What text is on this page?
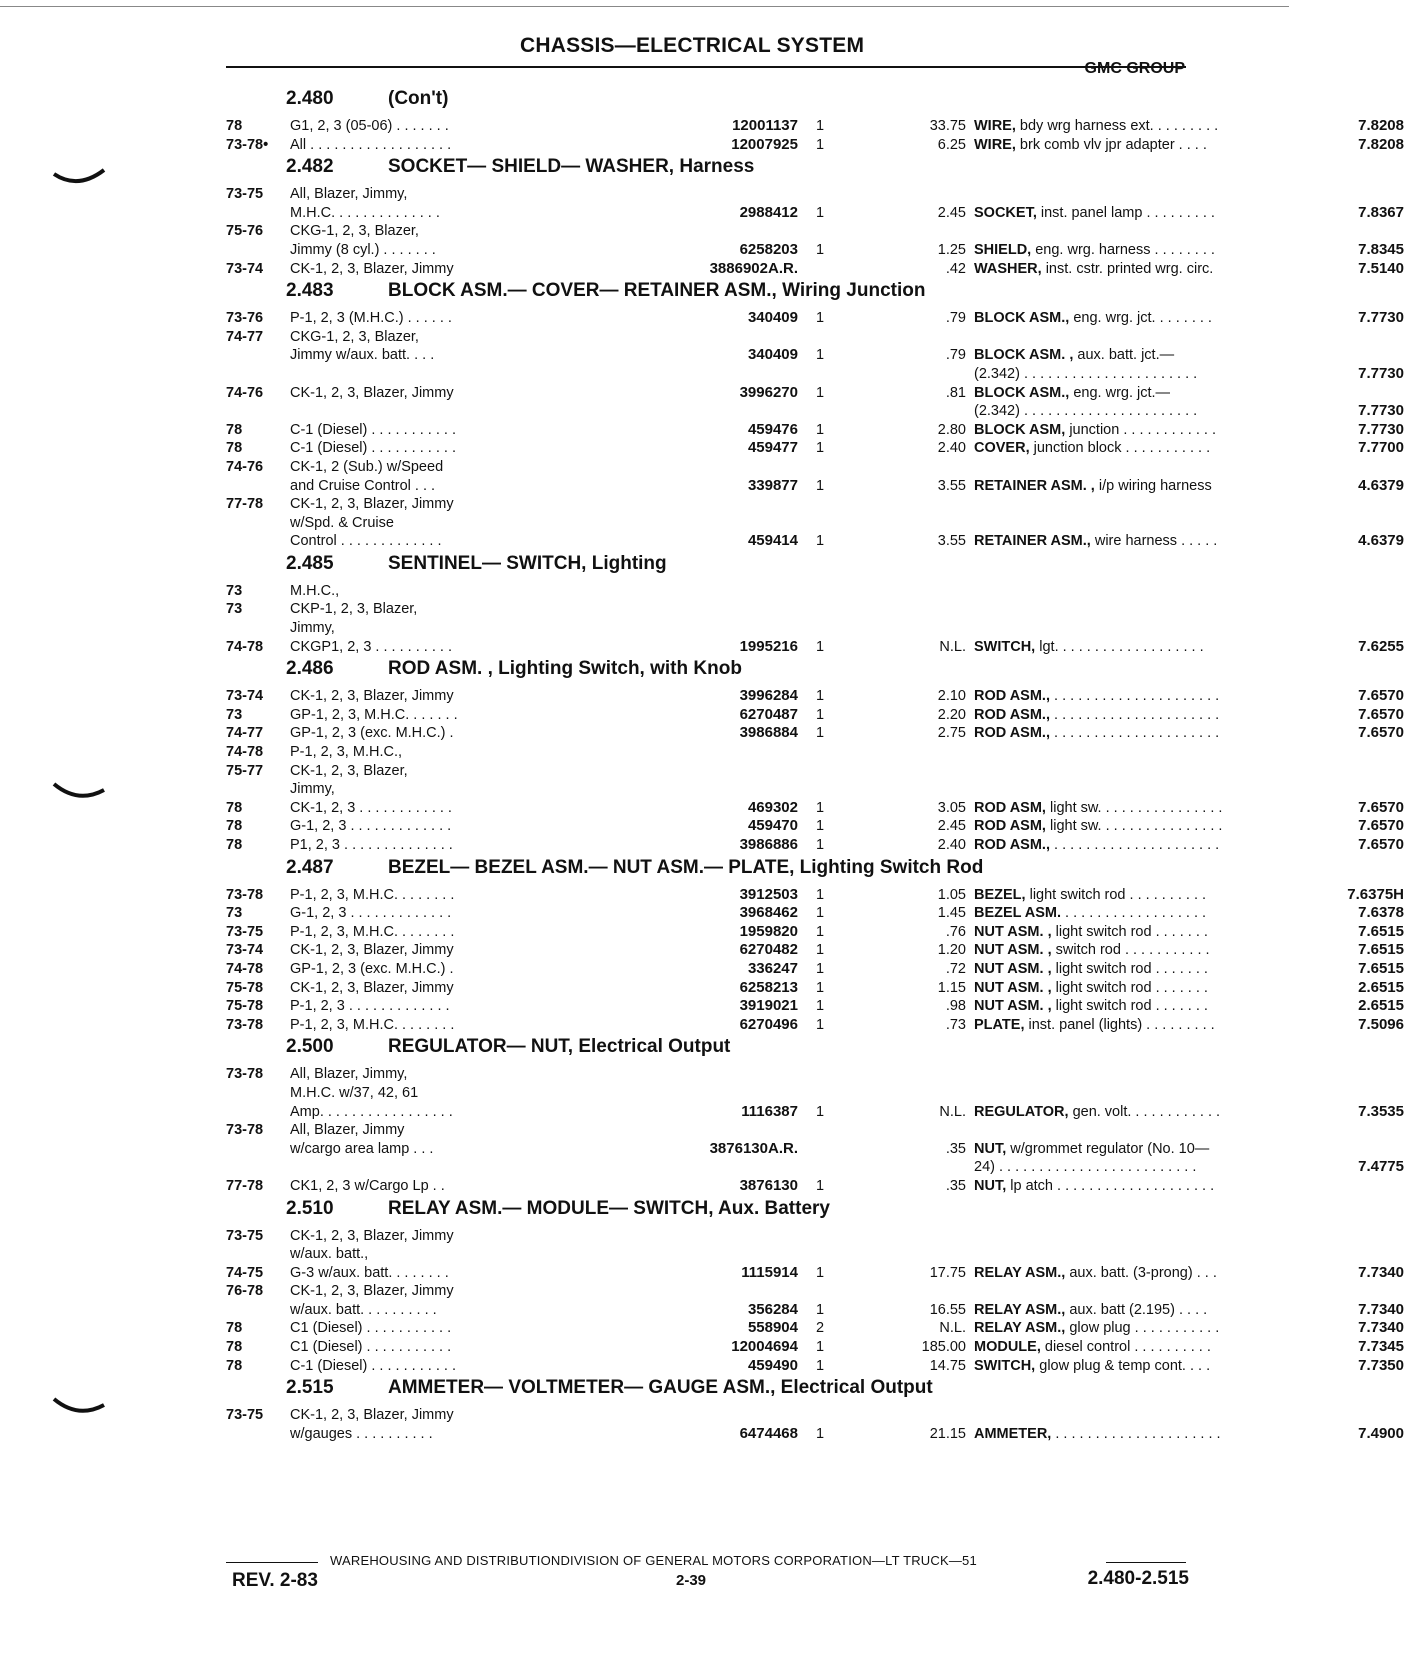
CHASSIS—ELECTRICAL SYSTEM
GMC GROUP
2.480	(Con't)
78	G1, 2, 3 (05-06) . . . . . . .	12001137 1	33.75 WIRE, bdy wrg harness ext. . . . . . . . .	7.8208
73-78•	All . . . . . . . . . . . . . . . . . .	12007925 1	6.25 WIRE, brk comb vlv jpr adapter . . . .	7.8208
2.482	SOCKET— SHIELD— WASHER, Harness
73-75	All, Blazer, Jimmy,
M.H.C. . . . . . . . . . . . . .	2988412 1	2.45 SOCKET, inst. panel lamp . . . . . . . . .	7.8367
75-76	CKG-1, 2, 3, Blazer,
Jimmy (8 cyl.) . . . . . . .	6258203 1	1.25 SHIELD, eng. wrg. harness . . . . . . . .	7.8345
73-74	CK-1, 2, 3, Blazer, Jimmy	3886902A.R.	.42 WASHER, inst. cstr. printed wrg. circ.	7.5140
2.483	BLOCK ASM.— COVER— RETAINER ASM., Wiring Junction
73-76	P-1, 2, 3 (M.H.C.) . . . . . .	340409 1	.79 BLOCK ASM., eng. wrg. jct. . . . . . . .	7.7730
74-77	CKG-1, 2, 3, Blazer,
Jimmy w/aux. batt. . . .	340409 1	.79 BLOCK ASM. , aux. batt. jct.—
(2.342) . . . . . . . . . . . . . . . . . . . . . .	7.7730
74-76	CK-1, 2, 3, Blazer, Jimmy	3996270 1	.81 BLOCK ASM., eng. wrg. jct.—
(2.342) . . . . . . . . . . . . . . . . . . . . . .	7.7730
78	C-1 (Diesel) . . . . . . . . . . .	459476 1	2.80 BLOCK ASM, junction . . . . . . . . . . . .	7.7730
78	C-1 (Diesel) . . . . . . . . . . .	459477 1	2.40 COVER, junction block . . . . . . . . . . .	7.7700
74-76	CK-1, 2 (Sub.) w/Speed
and Cruise Control . . .	339877 1	3.55 RETAINER ASM. , i/p wiring harness	4.6379
77-78	CK-1, 2, 3, Blazer, Jimmy
w/Spd. & Cruise
Control . . . . . . . . . . . . .	459414 1	3.55 RETAINER ASM., wire harness . . . . .	4.6379
2.485	SENTINEL— SWITCH, Lighting
73	M.H.C.,
73	CKP-1, 2, 3, Blazer,
Jimmy,
74-78	CKGP1, 2, 3 . . . . . . . . . .	1995216 1	N.L. SWITCH, lgt. . . . . . . . . . . . . . . . . . .	7.6255
2.486	ROD ASM. , Lighting Switch, with Knob
73-74	CK-1, 2, 3, Blazer, Jimmy	3996284 1	2.10 ROD ASM., . . . . . . . . . . . . . . . . . . . . .	7.6570
73	GP-1, 2, 3, M.H.C. . . . . . .	6270487 1	2.20 ROD ASM., . . . . . . . . . . . . . . . . . . . . .	7.6570
74-77	GP-1, 2, 3 (exc. M.H.C.) .	3986884 1	2.75 ROD ASM., . . . . . . . . . . . . . . . . . . . . .	7.6570
74-78	P-1, 2, 3, M.H.C.,
75-77	CK-1, 2, 3, Blazer,
Jimmy,
78	CK-1, 2, 3 . . . . . . . . . . . .	469302 1	3.05 ROD ASM, light sw. . . . . . . . . . . . . . . .	7.6570
78	G-1, 2, 3 . . . . . . . . . . . . .	459470 1	2.45 ROD ASM, light sw. . . . . . . . . . . . . . . .	7.6570
78	P1, 2, 3 . . . . . . . . . . . . . .	3986886 1	2.40 ROD ASM., . . . . . . . . . . . . . . . . . . . . .	7.6570
2.487	BEZEL— BEZEL ASM.— NUT ASM.— PLATE, Lighting Switch Rod
73-78	P-1, 2, 3, M.H.C. . . . . . . .	3912503 1	1.05 BEZEL, light switch rod . . . . . . . . . .	7.6375H
73	G-1, 2, 3 . . . . . . . . . . . . .	3968462 1	1.45 BEZEL ASM. . . . . . . . . . . . . . . . . . .	7.6378
73-75	P-1, 2, 3, M.H.C. . . . . . . .	1959820 1	.76 NUT ASM. , light switch rod . . . . . . .	7.6515
73-74	CK-1, 2, 3, Blazer, Jimmy	6270482 1	1.20 NUT ASM. , switch rod . . . . . . . . . . .	7.6515
74-78	GP-1, 2, 3 (exc. M.H.C.) .	336247 1	.72 NUT ASM. , light switch rod . . . . . . .	7.6515
75-78	CK-1, 2, 3, Blazer, Jimmy	6258213 1	1.15 NUT ASM. , light switch rod . . . . . . .	2.6515
75-78	P-1, 2, 3 . . . . . . . . . . . . .	3919021 1	.98 NUT ASM. , light switch rod . . . . . . .	2.6515
73-78	P-1, 2, 3, M.H.C. . . . . . . .	6270496 1	.73 PLATE, inst. panel (lights) . . . . . . . . .	7.5096
2.500	REGULATOR— NUT, Electrical Output
73-78	All, Blazer, Jimmy,
M.H.C. w/37, 42, 61
Amp. . . . . . . . . . . . . . . . .	1116387 1	N.L. REGULATOR, gen. volt. . . . . . . . . . . .	7.3535
73-78	All, Blazer, Jimmy
w/cargo area lamp . . .	3876130A.R.	.35 NUT, w/grommet regulator (No. 10—
24) . . . . . . . . . . . . . . . . . . . . . . . . .	7.4775
77-78	CK1, 2, 3 w/Cargo Lp . .	3876130 1	.35 NUT, lp atch . . . . . . . . . . . . . . . . . . . .
2.510	RELAY ASM.— MODULE— SWITCH, Aux. Battery
73-75	CK-1, 2, 3, Blazer, Jimmy
w/aux. batt.,
74-75	G-3 w/aux. batt. . . . . . . .	1115914 1	17.75 RELAY ASM., aux. batt. (3-prong) . . .	7.7340
76-78	CK-1, 2, 3, Blazer, Jimmy
w/aux. batt. . . . . . . . . .	356284 1	16.55 RELAY ASM., aux. batt (2.195) . . . .	7.7340
78	C1 (Diesel) . . . . . . . . . . .	558904 2	N.L. RELAY ASM., glow plug . . . . . . . . . . .	7.7340
78	C1 (Diesel) . . . . . . . . . . .	12004694 1	185.00 MODULE, diesel control . . . . . . . . . .	7.7345
78	C-1 (Diesel) . . . . . . . . . . .	459490 1	14.75 SWITCH, glow plug & temp cont. . . .	7.7350
2.515	AMMETER— VOLTMETER— GAUGE ASM., Electrical Output
73-75	CK-1, 2, 3, Blazer, Jimmy
w/gauges . . . . . . . . . .	6474468 1	21.15 AMMETER, . . . . . . . . . . . . . . . . . . . . .	7.4900
WAREHOUSING AND DISTRIBUTIONDIVISION OF GENERAL MOTORS CORPORATION—LT TRUCK—51
REV. 2-83	2-39	2.480-2.515
